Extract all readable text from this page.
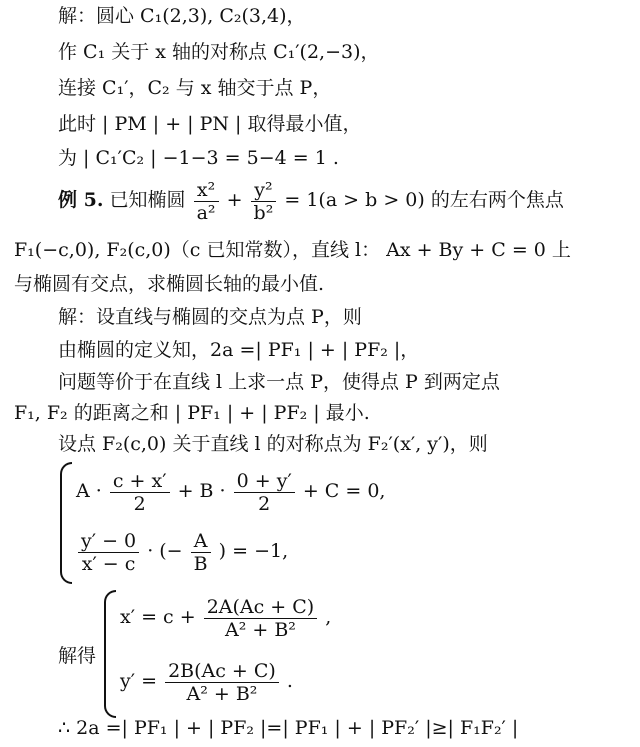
解：圆心 C₁(2,3), C₂(3,4)，
作 C₁ 关于 x 轴的对称点 C₁′(2,−3)，
连接 C₁′，C₂ 与 x 轴交于点 P，
此时 | PM | + | PN | 取得最小值，
为 | C₁′C₂ | −1−3 = 5−4 = 1 .
例 5. 已知椭圆 $\frac{\text{x²}}{\text{a²}} + \frac{\text{y²}}{\text{b²}} = 1(a > b > 0)$ 的左右两个焦点
F₁(−c,0), F₂(c,0)（c 已知常数），直线 l： Ax + By + C = 0 上
与椭圆有交点，求椭圆长轴的最小值.
解：设直线与椭圆的交点为点 P，则
由椭圆的定义知，2a =| PF₁ | + | PF₂ |，
问题等价于在直线 l 上求一点 P，使得点 P 到两定点
F₁, F₂ 的距离之和 | PF₁ | + | PF₂ | 最小.
设点 F₂(c,0) 关于直线 l 的对称点为 F₂′(x′, y′)，则
$A \cdot \frac{c + x'}{2} + B \cdot \frac{0 + y'}{2} + C = 0$,
$\frac{y' - 0}{x' - c}$ · (− $\frac{A}{B}$ ) = −1,
解得
$x' = c + \frac{2A(Ac + C)}{\text{A² + B²}}$ ,
$y' = \frac{2B(Ac + C)}{\text{A² + B²}}$ .
∴ 2a =| PF₁ | + | PF₂ |=| PF₁ | + | PF₂′ |≥| F₁F₂′ |
